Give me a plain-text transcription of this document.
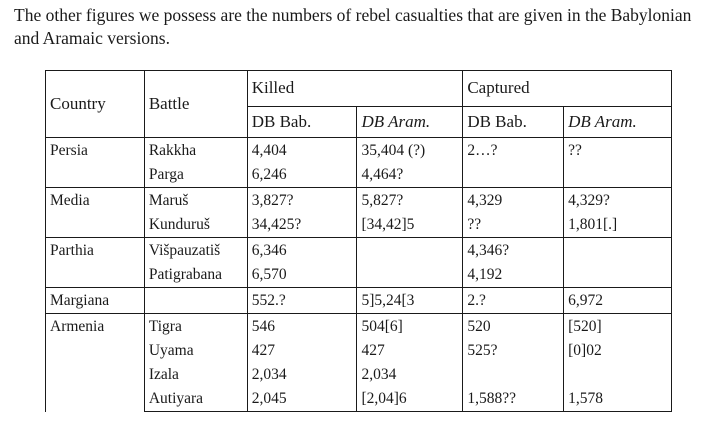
The other figures we possess are the numbers of rebel casualties that are given in the Babylonian and Aramaic versions.

Country	Battle	Killed		Captured	
		DB Bab.	DB Aram.	DB Bab.	DB Aram.
Persia	Rakkha	4,404	35,404 (?)	2…?	??
	Parga	6,246	4,464?		
Media	Maruš	3,827?	5,827?	4,329	4,329?
	Kunduruš	34,425?	[34,42]5	??	1,801[.]
Parthia	Višpauzatiš	6,346		4,346?	
	Patigrabana	6,570		4,192	
Margiana		552.?	5]5,24[3	2.?	6,972
Armenia	Tigra	546	504[6]	520	[520]
	Uyama	427	427	525?	[0]02
	Izala	2,034	2,034		
	Autiyara	2,045	[2,04]6	1,588??	1,578
